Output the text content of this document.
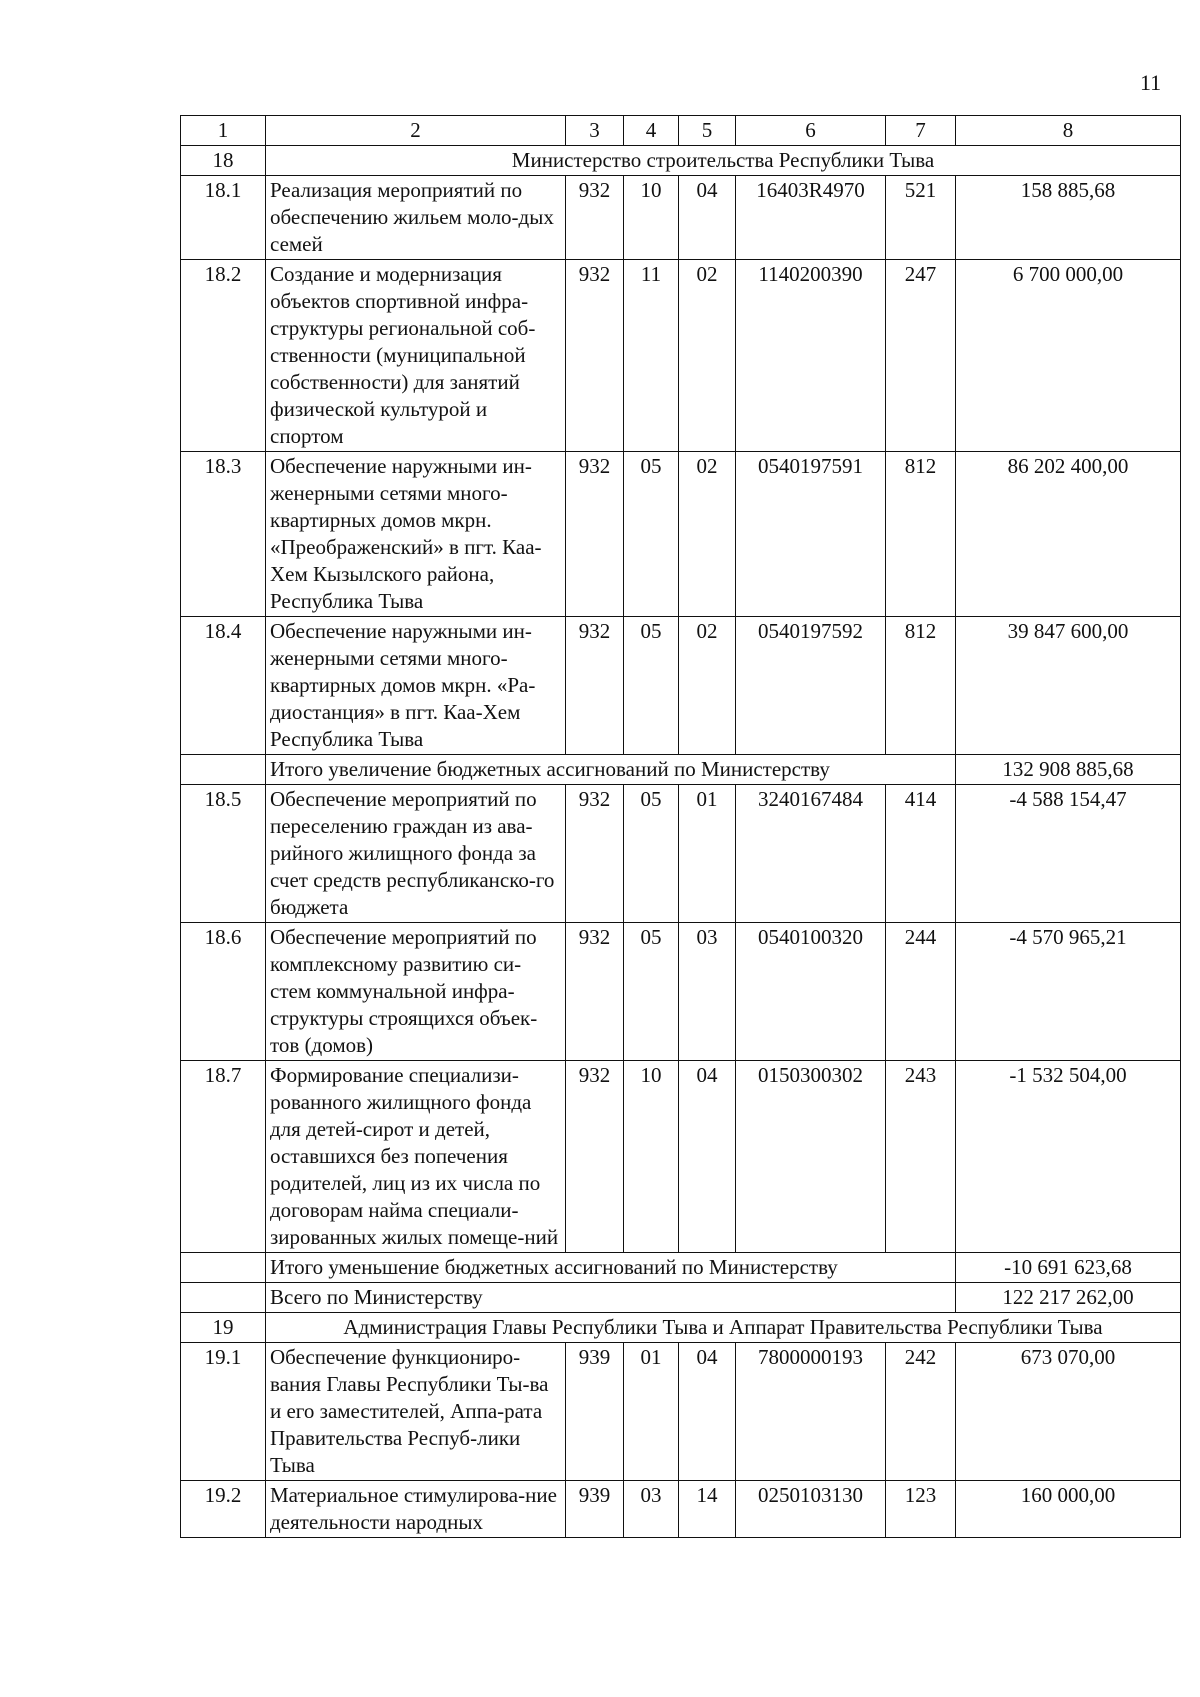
11
1	2	3	4	5	6	7	8
18	Министерство строительства Республики Тыва						
18.1	Реализация мероприятий по обеспечению жильем моло-дых семей	932	10	04	16403R4970	521	158 885,68
18.2	Создание и модернизация объектов спортивной инфра-структуры региональной соб-ственности (муниципальной собственности) для занятий физической культурой и спортом	932	11	02	1140200390	247	6 700 000,00
18.3	Обеспечение наружными ин-женерными сетями много-квартирных домов мкрн. «Преображенский» в пгт. Каа-Хем Кызылского района, Республика Тыва	932	05	02	0540197591	812	86 202 400,00
18.4	Обеспечение наружными ин-женерными сетями много-квартирных домов мкрн. «Ра-диостанция» в пгт. Каа-Хем Республика Тыва	932	05	02	0540197592	812	39 847 600,00
	Итого увеличение бюджетных ассигнований по Министерству						132 908 885,68
18.5	Обеспечение мероприятий по переселению граждан из ава-рийного жилищного фонда за счет средств республиканско-го бюджета	932	05	01	3240167484	414	-4 588 154,47
18.6	Обеспечение мероприятий по комплексному развитию си-стем коммунальной инфра-структуры строящихся объек-тов (домов)	932	05	03	0540100320	244	-4 570 965,21
18.7	Формирование специализи-рованного жилищного фонда для детей-сирот и детей, оставшихся без попечения родителей, лиц из их числа по договорам найма специали-зированных жилых помеще-ний	932	10	04	0150300302	243	-1 532 504,00
	Итого уменьшение бюджетных ассигнований по Министерству						-10 691 623,68
	Всего по Министерству						122 217 262,00
19	Администрация Главы Республики Тыва и Аппарат Правительства Республики Тыва						
19.1	Обеспечение функциониро-вания Главы Республики Ты-ва и его заместителей, Аппа-рата Правительства Респуб-лики Тыва	939	01	04	7800000193	242	673 070,00
19.2	Материальное стимулирова-ние деятельности народных	939	03	14	0250103130	123	160 000,00
